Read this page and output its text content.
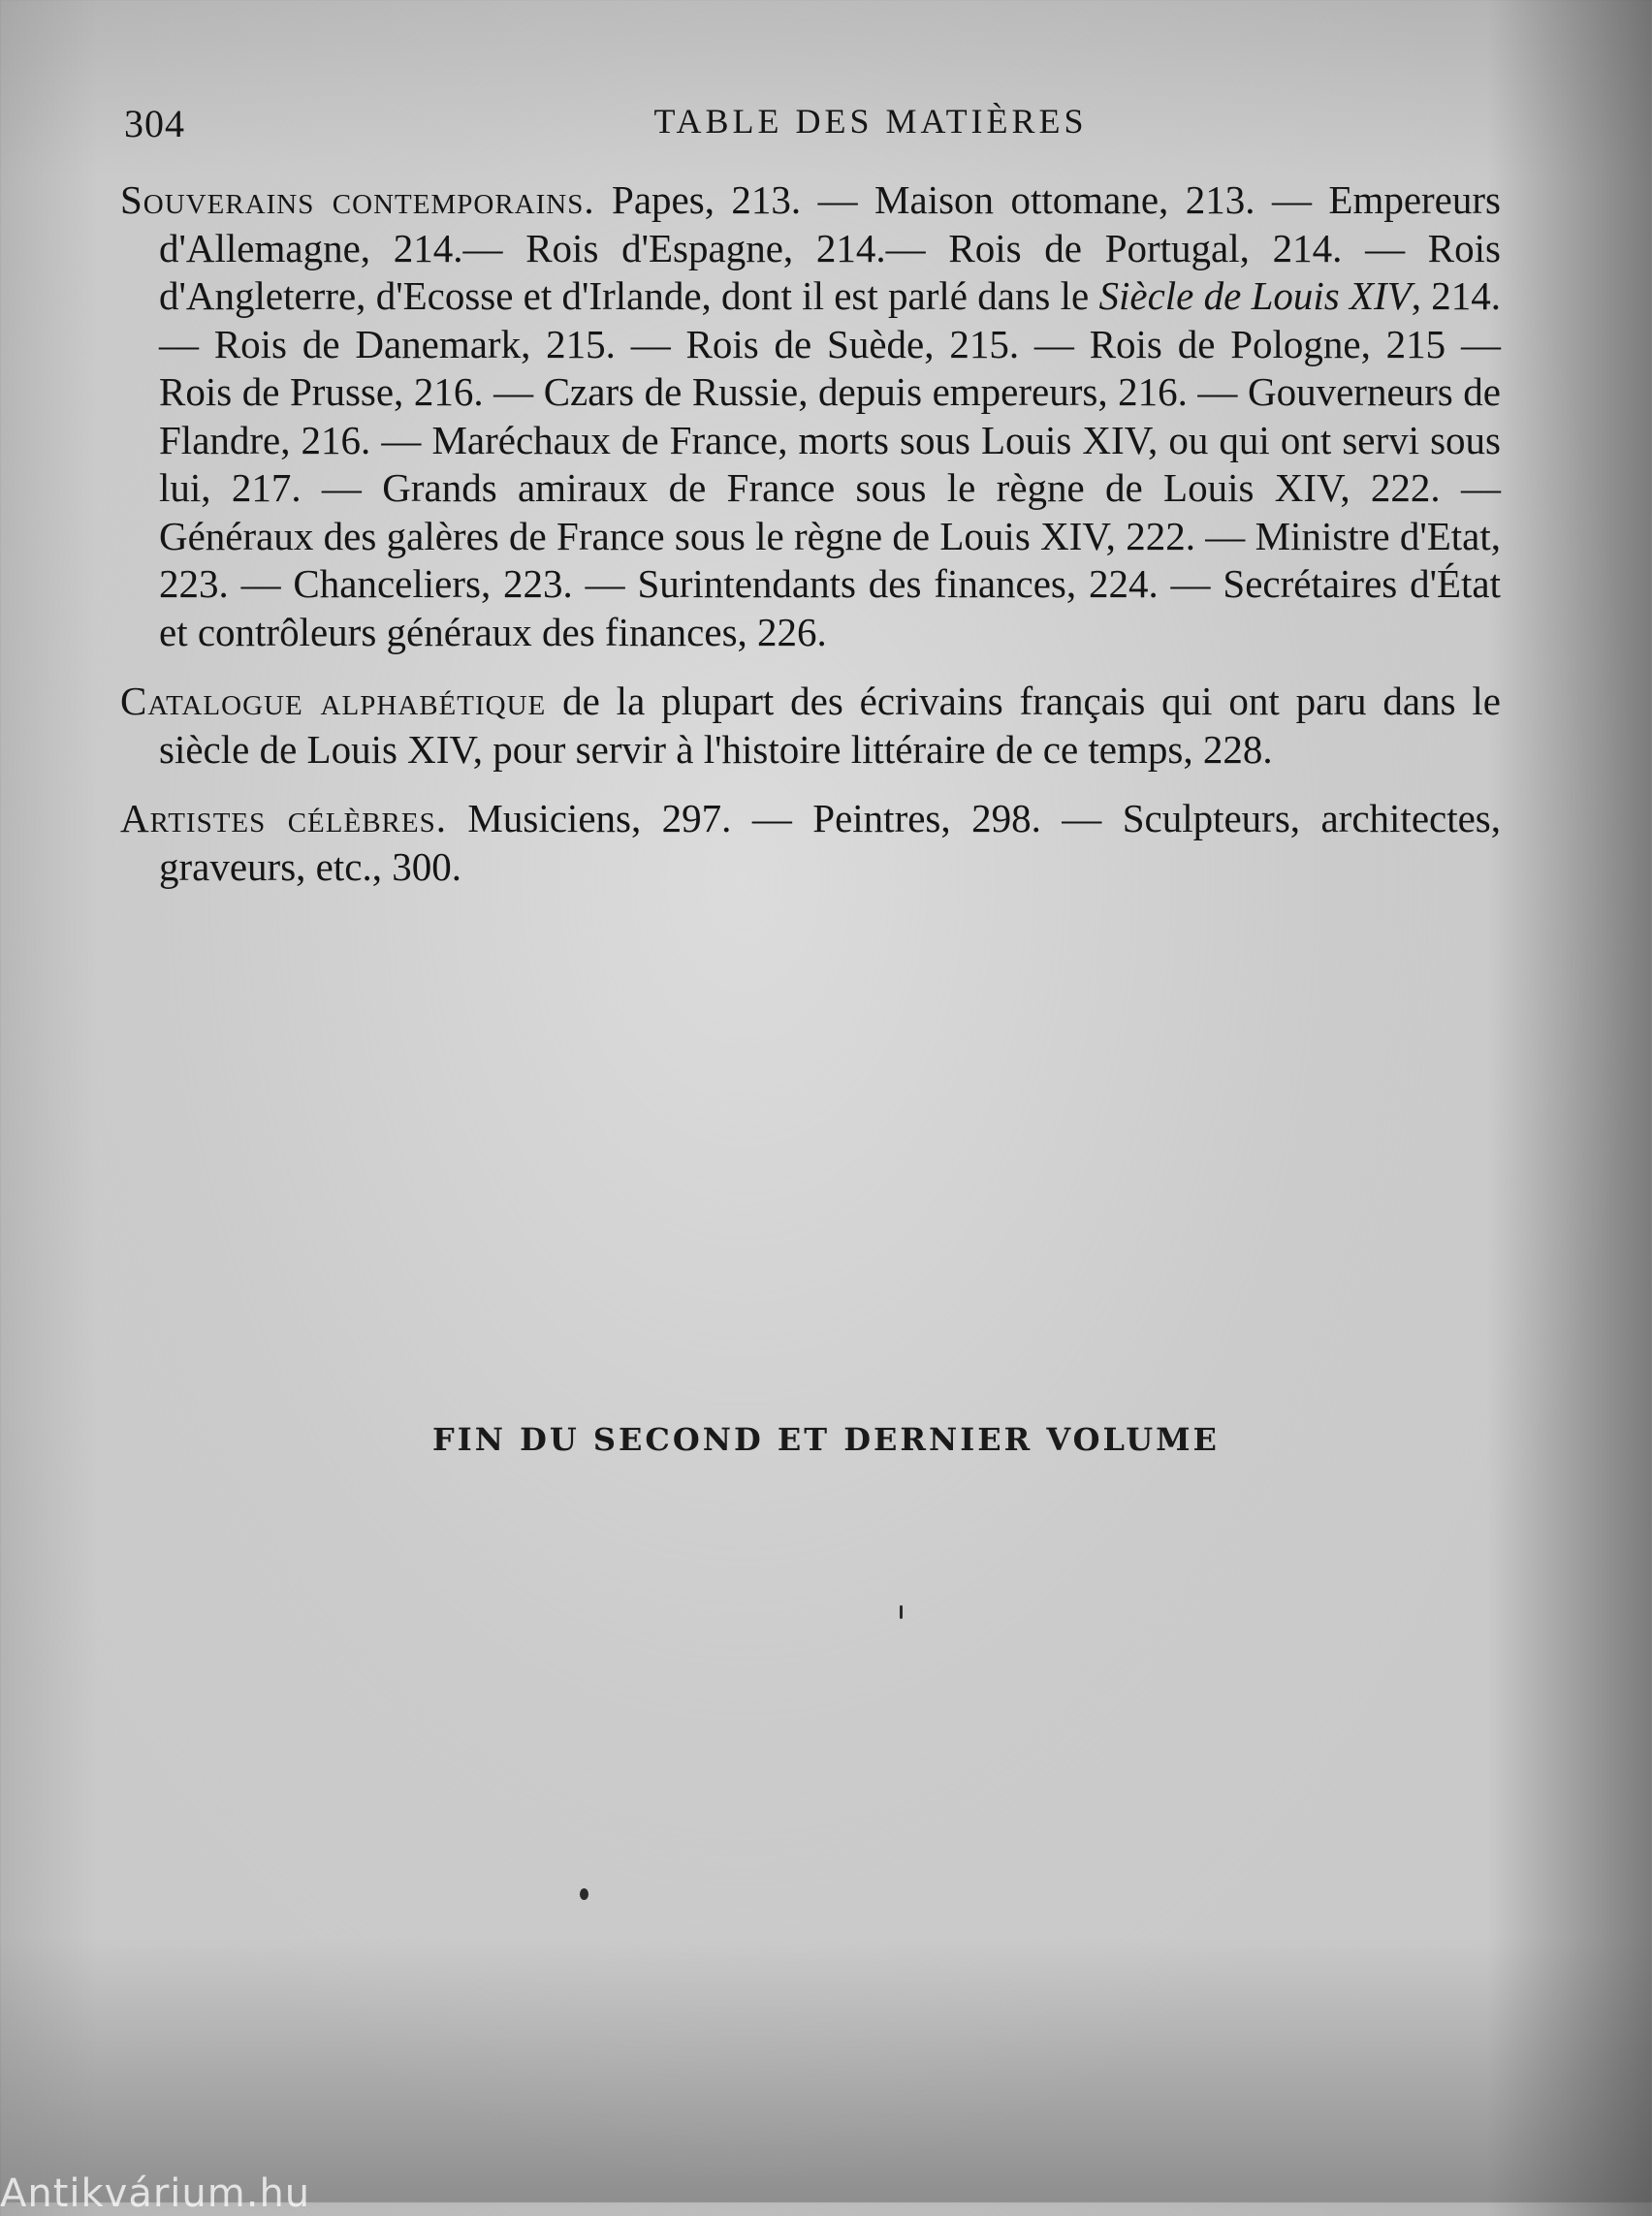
304	TABLE DES MATIÈRES

Souverains contemporains. Papes, 213. — Maison ottomane, 213. — Empereurs d'Allemagne, 214.— Rois d'Espagne, 214.— Rois de Portugal, 214. — Rois d'Angleterre, d'Ecosse et d'Irlande, dont il est parlé dans le Siècle de Louis XIV, 214. — Rois de Danemark, 215. — Rois de Suède, 215. — Rois de Pologne, 215 — Rois de Prusse, 216. — Czars de Russie, depuis empereurs, 216. — Gouverneurs de Flandre, 216. — Maréchaux de France, morts sous Louis XIV, ou qui ont servi sous lui, 217. — Grands amiraux de France sous le règne de Louis XIV, 222. — Généraux des galères de France sous le règne de Louis XIV, 222. — Ministre d'Etat, 223. — Chanceliers, 223. — Surintendants des finances, 224. — Secrétaires d'État et contrôleurs généraux des finances, 226.

Catalogue alphabétique de la plupart des écrivains français qui ont paru dans le siècle de Louis XIV, pour servir à l'histoire littéraire de ce temps, 228.

Artistes célèbres. Musiciens, 297. — Peintres, 298. — Sculpteurs, architectes, graveurs, etc., 300.

FIN DU SECOND ET DERNIER VOLUME
Antikvárium.hu
